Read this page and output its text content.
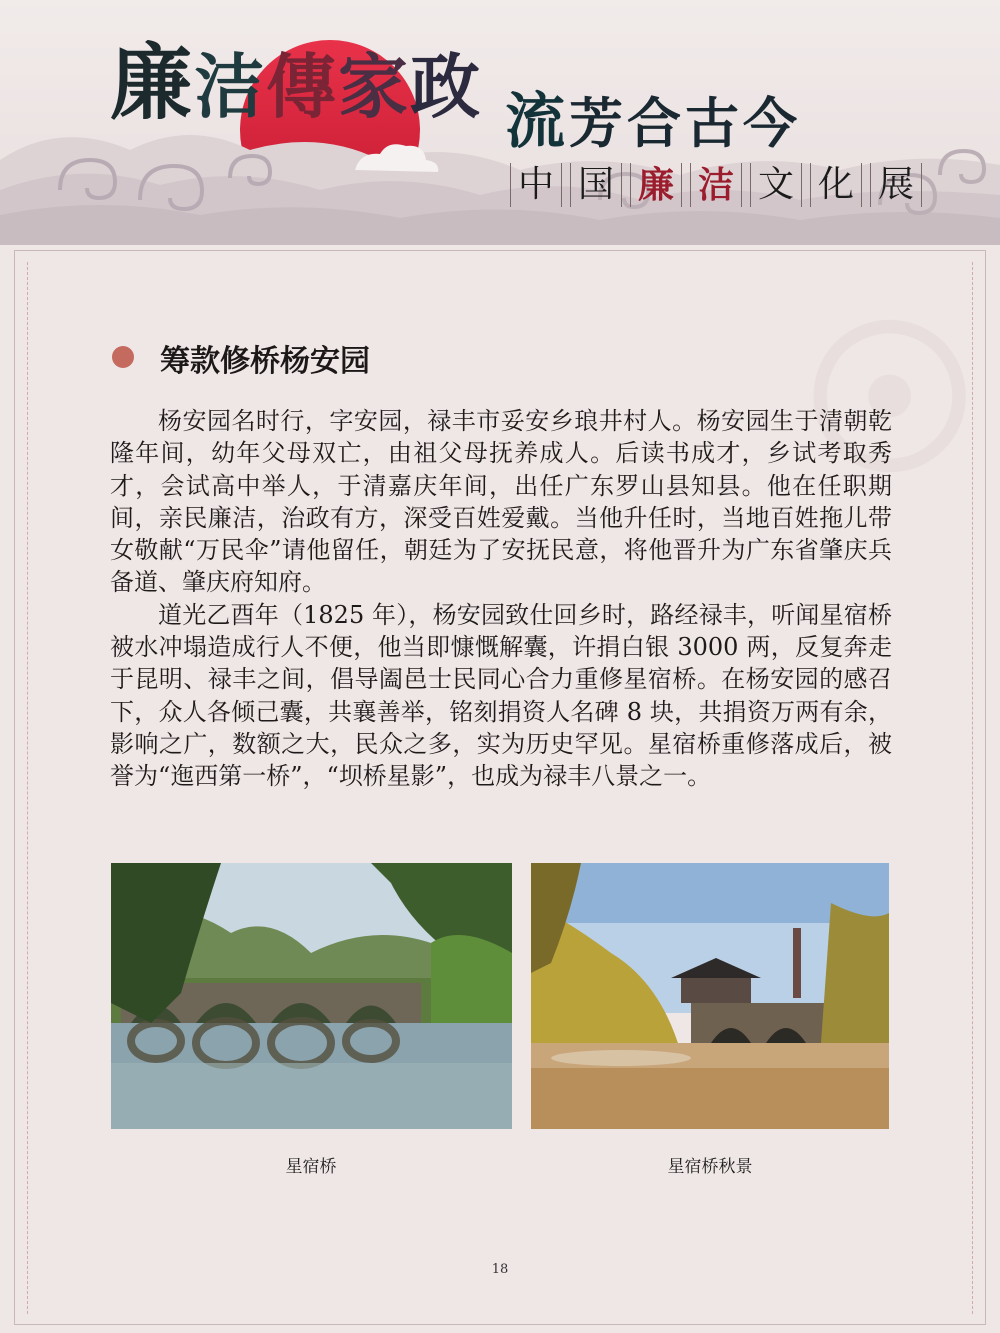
廉洁傳家政 流芳合古今
中 国 廉 洁 文 化 展
☉
筹款修桥杨安园

杨安园名时行，字安园，禄丰市妥安乡琅井村人。杨安园生于清朝乾隆年间，幼年父母双亡，由祖父母抚养成人。后读书成才，乡试考取秀才，会试高中举人，于清嘉庆年间，出任广东罗山县知县。他在任职期间，亲民廉洁，治政有方，深受百姓爱戴。当他升任时，当地百姓拖儿带女敬献“万民伞”请他留任，朝廷为了安抚民意，将他晋升为广东省肇庆兵备道、肇庆府知府。

道光乙酉年（1825 年），杨安园致仕回乡时，路经禄丰，听闻星宿桥被水冲塌造成行人不便，他当即慷慨解囊，许捐白银 3000 两，反复奔走于昆明、禄丰之间，倡导阖邑士民同心合力重修星宿桥。在杨安园的感召下，众人各倾己囊，共襄善举，铭刻捐资人名碑 8 块，共捐资万两有余，影响之广，数额之大，民众之多，实为历史罕见。星宿桥重修落成后，被誉为“迤西第一桥”，“坝桥星影”，也成为禄丰八景之一。

星宿桥	星宿桥秋景
18
